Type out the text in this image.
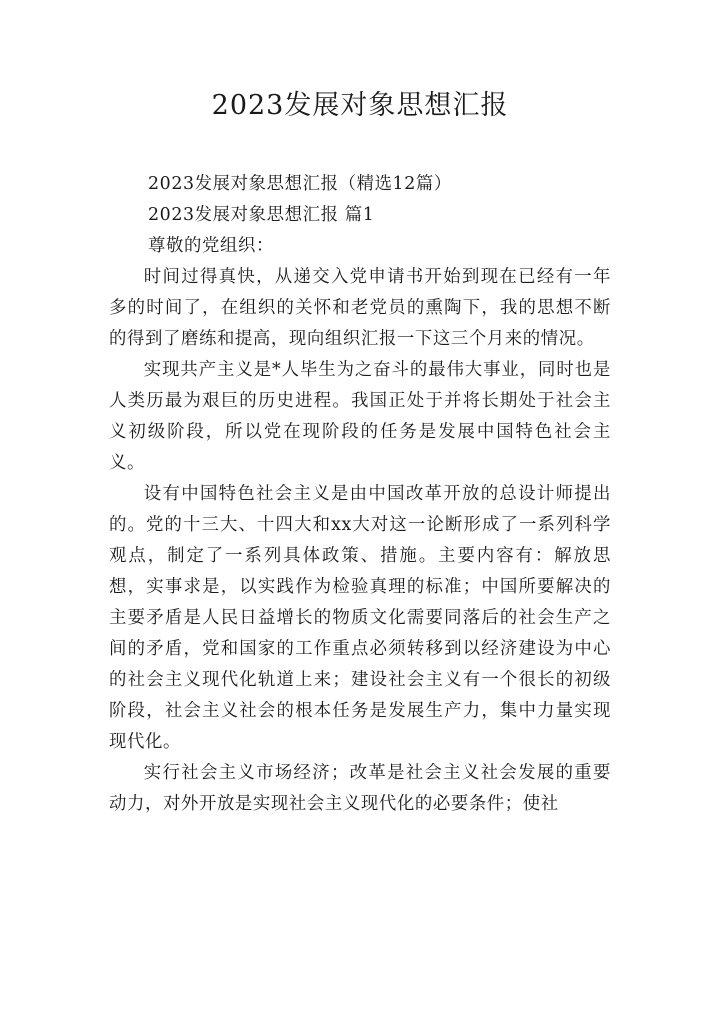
2023发展对象思想汇报

2023发展对象思想汇报（精选12篇）

2023发展对象思想汇报 篇1

尊敬的党组织：

时间过得真快，从递交入党申请书开始到现在已经有一年多的时间了，在组织的关怀和老党员的熏陶下，我的思想不断的得到了磨练和提高，现向组织汇报一下这三个月来的情况。

实现共产主义是*人毕生为之奋斗的最伟大事业，同时也是人类历最为艰巨的历史进程。我国正处于并将长期处于社会主义初级阶段，所以党在现阶段的任务是发展中国特色社会主义。

设有中国特色社会主义是由中国改革开放的总设计师提出的。党的十三大、十四大和xx大对这一论断形成了一系列科学观点，制定了一系列具体政策、措施。主要内容有：解放思想，实事求是，以实践作为检验真理的标准；中国所要解决的主要矛盾是人民日益增长的物质文化需要同落后的社会生产之间的矛盾，党和国家的工作重点必须转移到以经济建设为中心的社会主义现代化轨道上来；建设社会主义有一个很长的初级阶段，社会主义社会的根本任务是发展生产力，集中力量实现现代化。

实行社会主义市场经济；改革是社会主义社会发展的重要动力，对外开放是实现社会主义现代化的必要条件；使社
